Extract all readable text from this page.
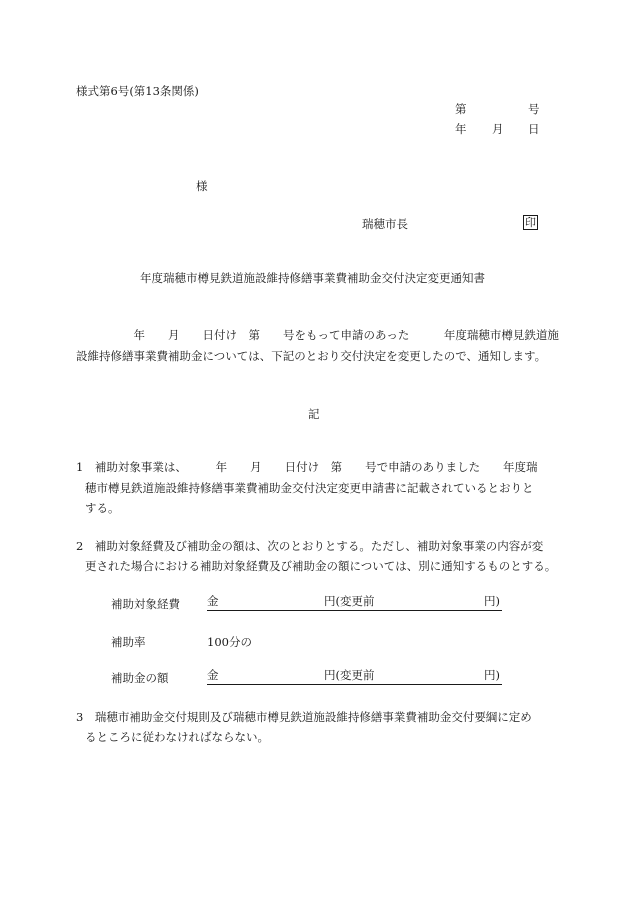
様式第6号(第13条関係)
第	号
年 月 日
様
瑞穂市長	印
年度瑞穂市樽見鉄道施設維持修繕事業費補助金交付決定変更通知書
　　　　　年　　月　　日付け　第　　号をもって申請のあった　　　年度瑞穂市樽見鉄道施
設維持修繕事業費補助金については、下記のとおり交付決定を変更したので、通知します。
記
1　補助対象事業は、　　　年　　月　　日付け　第　　号で申請のありました　　年度瑞
穂市樽見鉄道施設維持修繕事業費補助金交付決定変更申請書に記載されているとおりと
する。
2　補助対象経費及び補助金の額は、次のとおりとする。ただし、補助対象事業の内容が変
更された場合における補助対象経費及び補助金の額については、別に通知するものとする。
補助対象経費 金	円(変更前	円)
補助率	100分の
補助金の額	金	円(変更前	円)
3　瑞穂市補助金交付規則及び瑞穂市樽見鉄道施設維持修繕事業費補助金交付要綱に定め
るところに従わなければならない。
